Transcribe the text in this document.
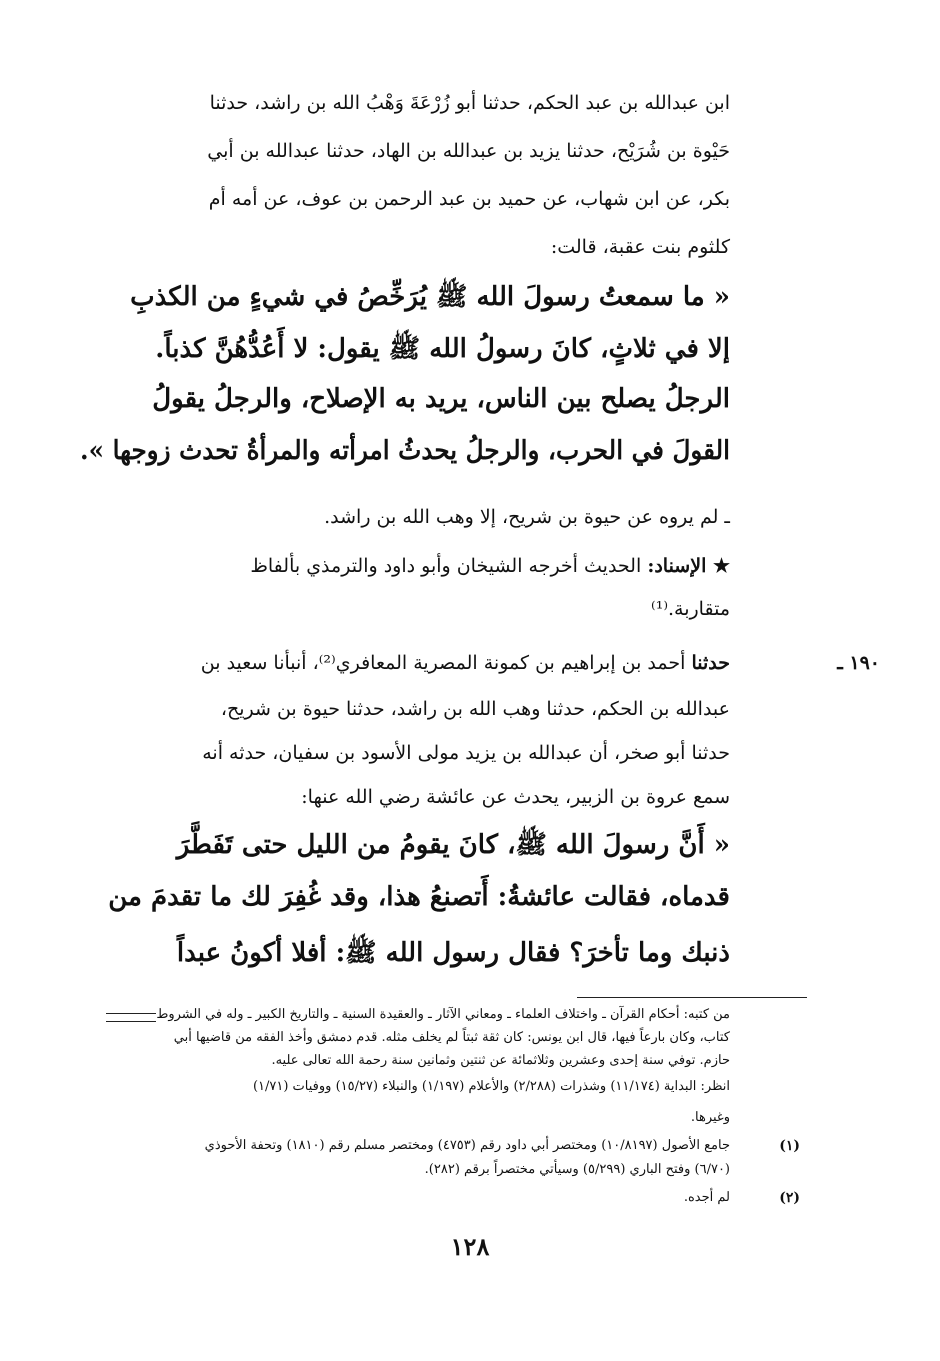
ابن عبدالله بن عبد الحكم، حدثنا أبو زُرْعَةَ وَهْبُ الله بن راشد، حدثنا
حَيْوة بن شُرَيْح، حدثنا يزيد بن عبدالله بن الهاد، حدثنا عبدالله بن أبي
بكر، عن ابن شهاب، عن حميد بن عبد الرحمن بن عوف، عن أمه أم
كلثوم بنت عقبة، قالت:
« ما سمعتُ رسولَ الله ﷺ يُرَخِّصُ في شيءٍ من الكذبِ
إلا في ثلاثٍ، كانَ رسولُ الله ﷺ يقول: لا أَعُدُّهُنَّ كذباً.
الرجلُ يصلح بين الناس، يريد به الإصلاح، والرجلُ يقولُ
القولَ في الحرب، والرجلُ يحدثُ امرأته والمرأةُ تحدث زوجها ».
ـ لم يروه عن حيوة بن شريح، إلا وهب الله بن راشد.
★ الإسناد: الحديث أخرجه الشيخان وأبو داود والترمذي بألفاظ
متقاربة.⁽¹⁾
١٩٠ ـ
حدثنا أحمد بن إبراهيم بن كمونة المصرية المعافري⁽²⁾، أنبأنا سعيد بن
عبدالله بن الحكم، حدثنا وهب الله بن راشد، حدثنا حيوة بن شريح،
حدثنا أبو صخر، أن عبدالله بن يزيد مولى الأسود بن سفيان، حدثه أنه
سمع عروة بن الزبير، يحدث عن عائشة رضي الله عنها:
« أَنَّ رسولَ الله ﷺ، كانَ يقومُ من الليل حتى تَفَطَّرَ
قدماه، فقالت عائشةُ: أَتصنعُ هذا، وقد غُفِرَ لك ما تقدمَ من
ذنبك وما تأخرَ؟ فقال رسول الله ﷺ: أفلا أكونُ عبداً
من كتبه: أحكام القرآن ـ واختلاف العلماء ـ ومعاني الآثار ـ والعقيدة السنية ـ والتاريخ الكبير ـ وله في الشروط
كتاب، وكان بارعاً فيها، قال ابن يونس: كان ثقة ثبتاً لم يخلف مثله. قدم دمشق وأخذ الفقه من قاضيها أبي
حازم. توفي سنة إحدى وعشرين وثلاثمائة عن ثنتين وثمانين سنة رحمة الله تعالى عليه.
انظر: البداية (١١/١٧٤) وشذرات (٢/٢٨٨) والأعلام (١/١٩٧) والنبلاء (١٥/٢٧) ووفيات (١/٧١)
وغيرها.
(١)
جامع الأصول (١٠/٨١٩٧) ومختصر أبي داود رقم (٤٧٥٣) ومختصر مسلم رقم (١٨١٠) وتحفة الأحوذي
(٦/٧٠) وفتح الباري (٥/٢٩٩) وسيأتي مختصراً برقم (٢٨٢).
(٢)
لم أجده.
١٢٨
